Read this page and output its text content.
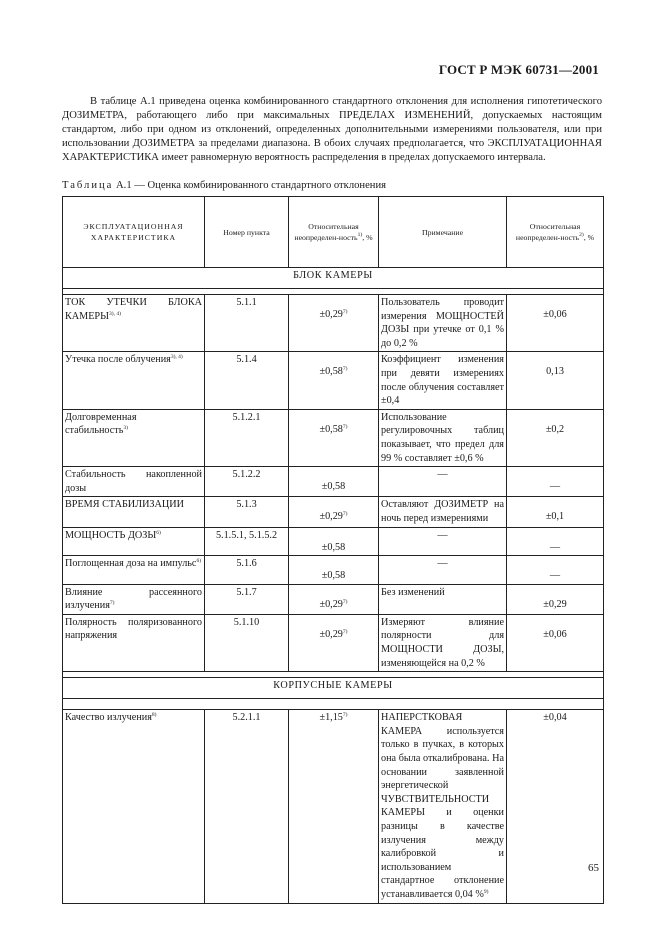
ГОСТ Р МЭК 60731—2001

В таблице А.1 приведена оценка комбинированного стандартного отклонения для исполнения гипотетического ДОЗИМЕТРА, работающего либо при максимальных ПРЕДЕЛАХ ИЗМЕНЕНИЙ, допускаемых настоящим стандартом, либо при одном из отклонений, определенных дополнительными измерениями пользователя, или при использовании ДОЗИМЕТРА за пределами диапазона. В обоих случаях предполагается, что ЭКСПЛУАТАЦИОННАЯ ХАРАКТЕРИСТИКА имеет равномерную вероятность распределения в пределах допускаемого интервала.

Таблица А.1 — Оценка комбинированного стандартного отклонения
ЭКСПЛУАТАЦИОННАЯ ХАРАКТЕРИСТИКА	Номер пункта	Относительная неопределен-ность$^{1)}$, %	Примечание	Относительная неопределен-ность$^{2)}$, %
БЛОК КАМЕРЫ				

ТОК УТЕЧКИ БЛОКА $КАМЕРЫ^{3), 4)}$	5.1.1	$\pm 0,29^{7)}$	Пользователь проводит измерения МОЩНОСТЕЙ ДОЗЫ при утечке от 0,1 % до 0,2 %	±0,06
Утечка после облучения$^{3), 4)}$	5.1.4	$\pm 0,58^{7)}$	Коэффициент изменения при девяти измерениях после облучения составляет ±0,4	0,13
Долговременная стабильность$^{3)}$	5.1.2.1	$\pm 0,58^{7)}$	Использование регулировочных таблиц показывает, что предел для 99 % составляет ±0,6 %	±0,2
Стабильность накопленной дозы	5.1.2.2	±0,58	—	—
ВРЕМЯ СТАБИЛИЗАЦИИ	5.1.3	$\pm 0,29^{7)}$	Оставляют ДОЗИМЕТР на ночь перед измерениями	±0,1
МОЩНОСТЬ ДОЗЫ$^{6)}$	5.1.5.1, 5.1.5.2	±0,58	—	—
Поглощенная доза на импульс$^{6)}$	5.1.6	±0,58	—	—
Влияние рассеянного излучения$^{7)}$	5.1.7	$\pm 0,29^{7)}$	Без изменений	±0,29
Полярность поляризованного напряжения	5.1.10	$\pm 0,29^{7)}$	Измеряют влияние полярности для МОЩНОСТИ ДОЗЫ, изменяющейся на 0,2 %	±0,06

КОРПУСНЫЕ КАМЕРЫ				

Качество излучения$^{8)}$	5.2.1.1	$\pm 1,15^{7)}$	НАПЕРСТКОВАЯ КАМЕРА используется только в пучках, в которых она была откалибрована. На основании заявленной энергетической ЧУВСТВИТЕЛЬНОСТИ КАМЕРЫ и оценки разницы в качестве излучения между калибровкой и использованием стандартное отклонение устанавливается 0,04 %$^{9)}$	±0,04
65
